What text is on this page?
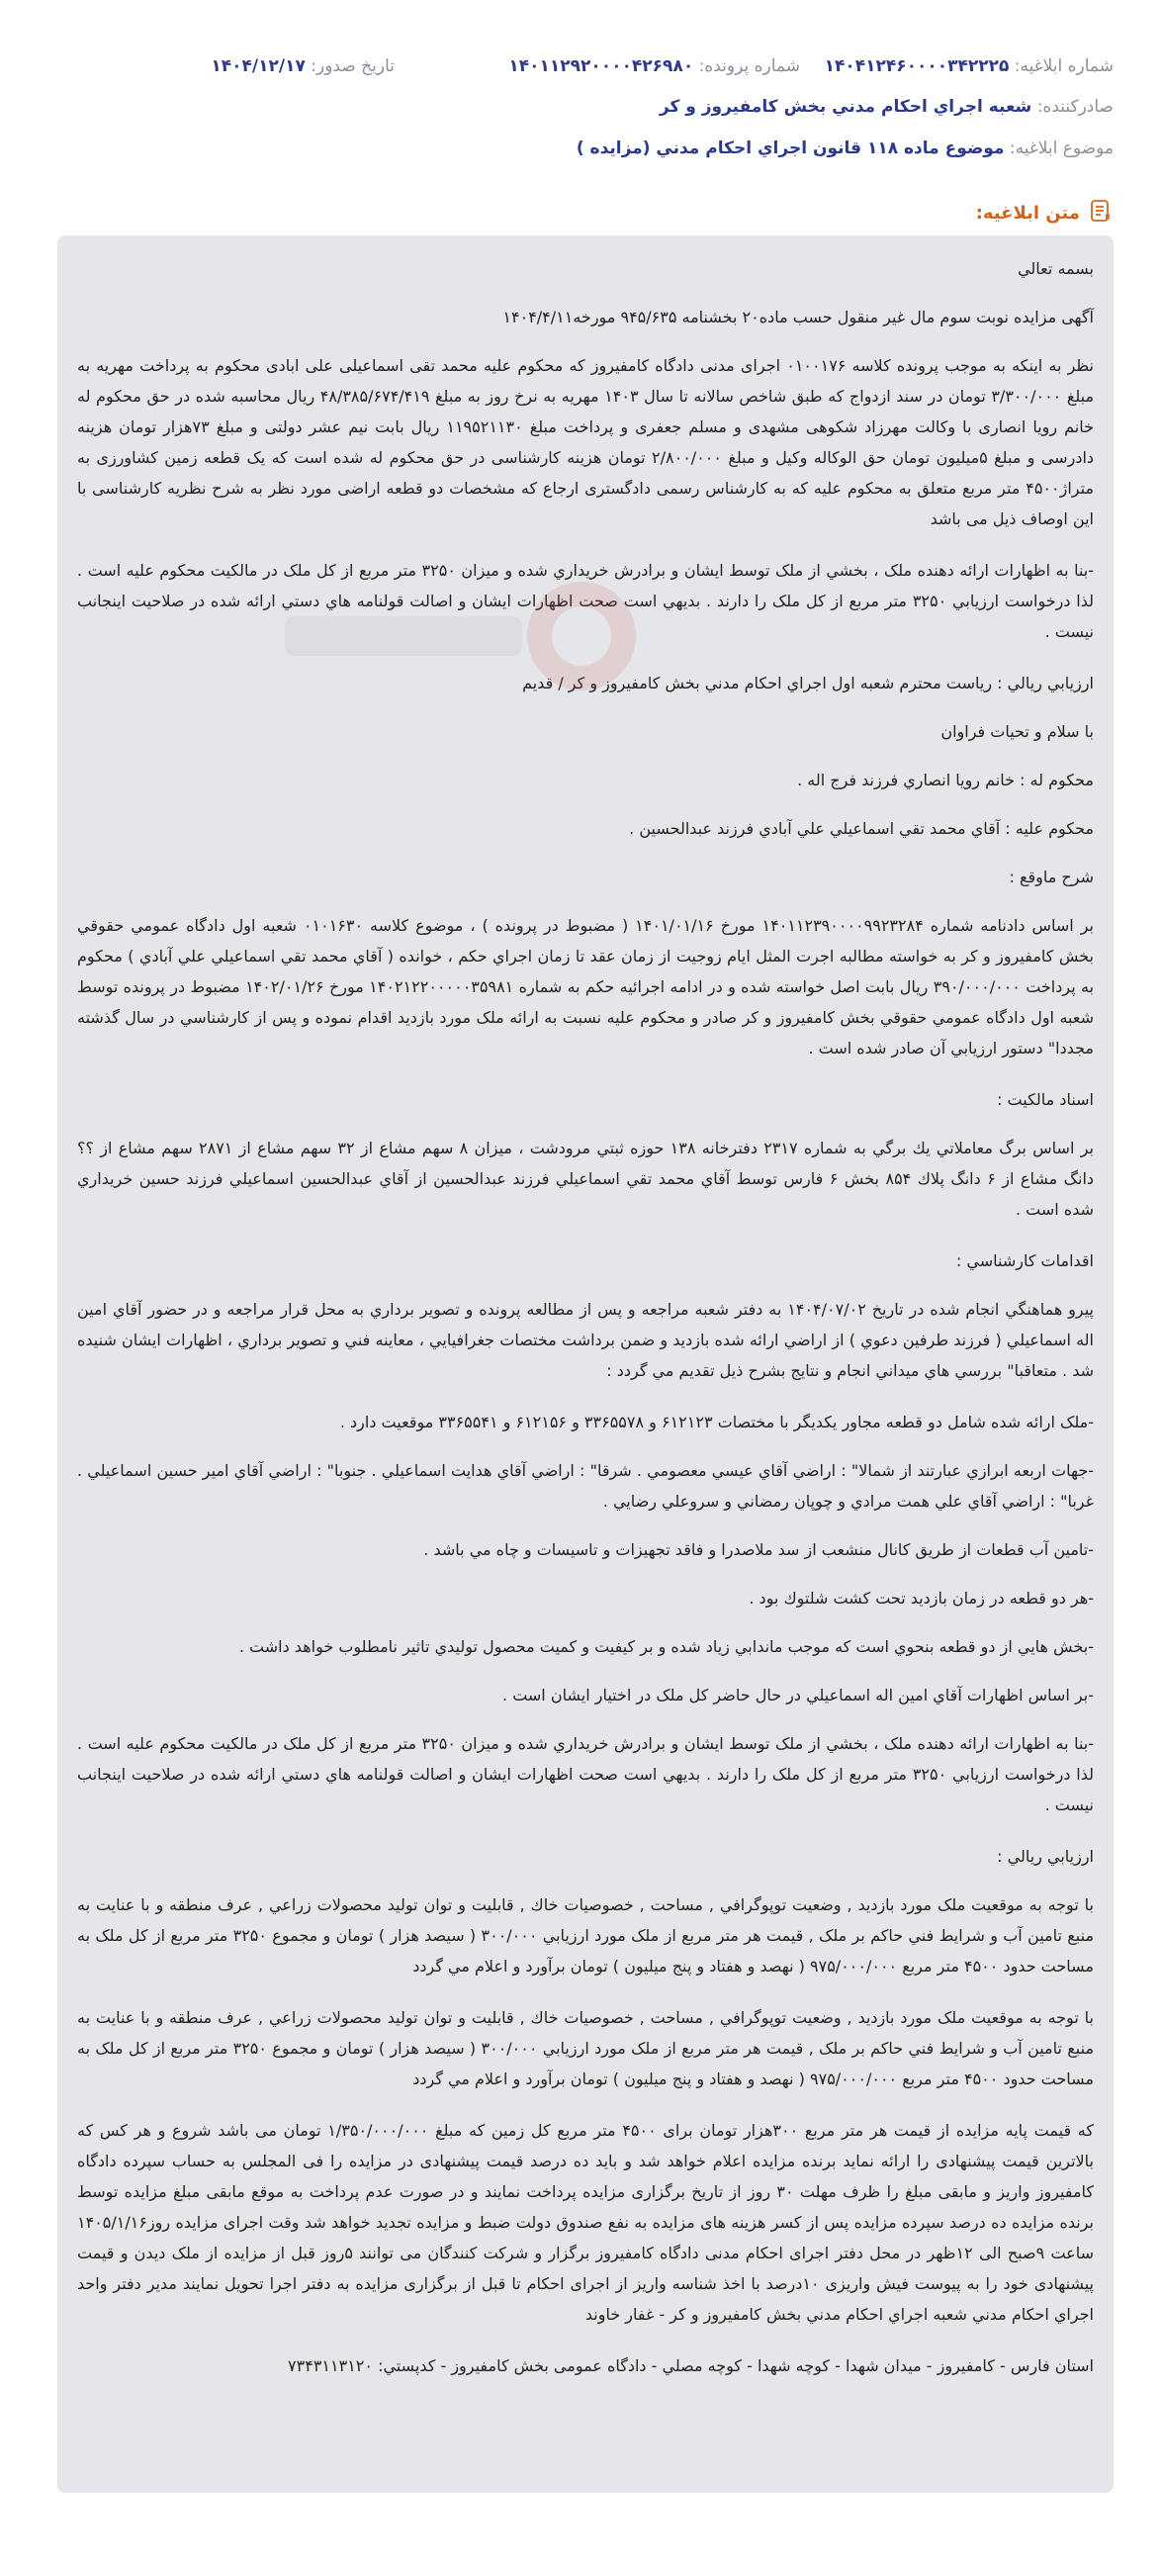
شماره ابلاغیه: ۱۴۰۴۱۲۴۶۰۰۰۰۳۴۲۲۲۵
شماره پرونده: ۱۴۰۱۱۲۹۲۰۰۰۰۴۲۶۹۸۰
تاریخ صدور: ۱۴۰۴/۱۲/۱۷
صادرکننده: شعبه اجراي احکام مدني بخش کامفيروز و کر
موضوع ابلاغیه: موضوع ماده ۱۱۸ قانون اجراي احکام مدني (مزايده )
متن ابلاغیه:

بسمه تعالي

آگهی مزایده نوبت سوم مال غیر منقول حسب ماده۲۰ بخشنامه ۹۴۵/۶۳۵ مورخه۱۴۰۴/۴/۱۱

نظر به اینکه به موجب پرونده کلاسه ۰۱۰۰۱۷۶ اجرای مدنی دادگاه کامفیروز که محکوم علیه محمد تقی اسماعیلی علی ابادی محکوم به پرداخت مهریه به مبلغ ۳/۳۰۰/۰۰۰ تومان در سند ازدواج که طبق شاخص سالانه تا سال ۱۴۰۳ مهریه به نرخ روز به مبلغ ۴۸/۳۸۵/۶۷۴/۴۱۹ ریال محاسبه شده در حق محکوم له خانم رویا انصاری با وکالت مهرزاد شکوهی مشهدی و مسلم جعفری و پرداخت مبلغ ۱۱۹۵۲۱۱۳۰ ریال بابت نیم عشر دولتی و مبلغ ۷۳هزار تومان هزینه دادرسی و مبلغ ۵میلیون تومان حق الوکاله وکیل و مبلغ ۲/۸۰۰/۰۰۰ تومان هزینه کارشناسی در حق محکوم له شده است که یک قطعه زمین کشاورزی به متراژ۴۵۰۰ متر مربع متعلق به محکوم علیه که به کارشناس رسمی دادگستری ارجاع که مشخصات دو قطعه اراضی مورد نظر به شرح نظریه کارشناسی با این اوصاف ذیل می باشد

-بنا به اظهارات ارائه دهنده ملک ، بخشي از ملک توسط ايشان و برادرش خريداري شده و ميزان ۳۲۵۰ متر مربع از کل ملک در مالکيت محکوم عليه است . لذا درخواست ارزيابي ۳۲۵۰ متر مربع از کل ملک را دارند . بديهي است صحت اظهارات ايشان و اصالت قولنامه هاي دستي ارائه شده در صلاحيت اينجانب نيست .

ارزيابي ريالي : رياست محترم شعبه اول اجراي احکام مدني بخش کامفيروز و کر / قديم

با سلام و تحيات فراوان

محکوم له : خانم رويا انصاري فرزند فرج اله .

محکوم عليه : آقاي محمد تقي اسماعيلي علي آبادي فرزند عبدالحسين .

شرح ماوقع :

بر اساس دادنامه شماره ۱۴۰۱۱۲۳۹۰۰۰۰۹۹۲۳۲۸۴ مورخ ۱۴۰۱/۰۱/۱۶ ( مضبوط در پرونده ) ، موضوع کلاسه ۰۱۰۱۶۳۰ شعبه اول دادگاه عمومي حقوقي بخش کامفيروز و کر به خواسته مطالبه اجرت المثل ايام زوجيت از زمان عقد تا زمان اجراي حکم ، خوانده ( آقاي محمد تقي اسماعيلي علي آبادي ) محکوم به پرداخت ۳۹۰/۰۰۰/۰۰۰ ريال بابت اصل خواسته شده و در ادامه اجرائيه حکم به شماره ۱۴۰۲۱۲۲۰۰۰۰۰۳۵۹۸۱ مورخ ۱۴۰۲/۰۱/۲۶ مضبوط در پرونده توسط شعبه اول دادگاه عمومي حقوقي بخش کامفيروز و کر صادر و محکوم عليه نسبت به ارائه ملک مورد بازديد اقدام نموده و پس از کارشناسي در سال گذشته مجددا" دستور ارزيابي آن صادر شده است .

اسناد مالکيت :

بر اساس برگ معاملاتي يك برگي به شماره ۲۳۱۷ دفترخانه ۱۳۸ حوزه ثبتي مرودشت ، ميزان ۸ سهم مشاع از ۳۲ سهم مشاع از ۲۸۷۱ سهم مشاع از ؟؟ دانگ مشاع از ۶ دانگ پلاك ۸۵۴ بخش ۶ فارس توسط آقاي محمد تقي اسماعيلي فرزند عبدالحسين از آقاي عبدالحسين اسماعيلي فرزند حسين خريداري شده است .

اقدامات کارشناسي :

پيرو هماهنگي انجام شده در تاريخ ۱۴۰۴/۰۷/۰۲ به دفتر شعبه مراجعه و پس از مطالعه پرونده و تصوير برداري به محل قرار مراجعه و در حضور آقاي امين اله اسماعيلي ( فرزند طرفين دعوي ) از اراضي ارائه شده بازديد و ضمن برداشت مختصات جغرافيايي ، معاينه فني و تصوير برداري ، اظهارات ايشان شنيده شد . متعاقبا" بررسي هاي ميداني انجام و نتايج بشرح ذيل تقديم مي گردد :

-ملک ارائه شده شامل دو قطعه مجاور يکديگر با مختصات ۶۱۲۱۲۳ و ۳۳۶۵۵۷۸ و ۶۱۲۱۵۶ و ۳۳۶۵۵۴۱ موقعيت دارد .

-جهات اربعه ابرازي عبارتند از شمالا" : اراضي آقاي عيسي معصومي . شرقا" : اراضي آقاي هدايت اسماعيلي . جنوبا" : اراضي آقاي امير حسين اسماعيلي . غربا" : اراضي آقاي علي همت مرادي و چوپان رمضاني و سروعلي رضايي .

-تامين آب قطعات از طريق کانال منشعب از سد ملاصدرا و فاقد تجهيزات و تاسيسات و چاه مي باشد .

-هر دو قطعه در زمان بازديد تحت کشت شلتوك بود .

-بخش هايي از دو قطعه بنحوي است که موجب ماندابي زياد شده و بر کيفيت و کميت محصول توليدي تاثير نامطلوب خواهد داشت .

-بر اساس اظهارات آقاي امين اله اسماعيلي در حال حاضر کل ملک در اختيار ايشان است .

-بنا به اظهارات ارائه دهنده ملک ، بخشي از ملک توسط ايشان و برادرش خريداري شده و ميزان ۳۲۵۰ متر مربع از کل ملک در مالکيت محکوم عليه است . لذا درخواست ارزيابي ۳۲۵۰ متر مربع از کل ملک را دارند . بديهي است صحت اظهارات ايشان و اصالت قولنامه هاي دستي ارائه شده در صلاحيت اينجانب نيست .

ارزيابي ريالي :

با توجه به موقعيت ملک مورد بازديد , وضعيت توپوگرافي , مساحت , خصوصيات خاك , قابليت و توان توليد محصولات زراعي , عرف منطقه و با عنايت به منبع تامين آب و شرايط فني حاکم بر ملک , قيمت هر متر مربع از ملک مورد ارزيابي ۳۰۰/۰۰۰ ( سيصد هزار ) تومان و مجموع ۳۲۵۰ متر مربع از کل ملک به مساحت حدود ۴۵۰۰ متر مربع ۹۷۵/۰۰۰/۰۰۰ ( نهصد و هفتاد و پنج ميليون ) تومان برآورد و اعلام مي گردد

با توجه به موقعيت ملک مورد بازديد , وضعيت توپوگرافي , مساحت , خصوصيات خاك , قابليت و توان توليد محصولات زراعي , عرف منطقه و با عنايت به منبع تامين آب و شرايط فني حاکم بر ملک , قيمت هر متر مربع از ملک مورد ارزيابي ۳۰۰/۰۰۰ ( سيصد هزار ) تومان و مجموع ۳۲۵۰ متر مربع از کل ملک به مساحت حدود ۴۵۰۰ متر مربع ۹۷۵/۰۰۰/۰۰۰ ( نهصد و هفتاد و پنج ميليون ) تومان برآورد و اعلام مي گردد

که قیمت پایه مزایده از قیمت هر متر مربع ۳۰۰هزار تومان برای ۴۵۰۰ متر مربع کل زمین که مبلغ ۱/۳۵۰/۰۰۰/۰۰۰ تومان می باشد شروع و هر کس که بالاترین قیمت پیشنهادی را ارائه نماید برنده مزایده اعلام خواهد شد و باید ده درصد قیمت پیشنهادی در مزایده را فی المجلس به حساب سپرده دادگاه کامفیروز واریز و مابقی مبلغ را ظرف مهلت ۳۰ روز از تاریخ برگزاری مزایده پرداخت نمایند و در صورت عدم پرداخت به موقع مابقی مبلغ مزایده توسط برنده مزایده ده درصد سپرده مزایده پس از کسر هزینه های مزایده به نفع صندوق دولت ضبط و مزایده تجدید خواهد شد وقت اجرای مزایده روز۱۴۰۵/۱/۱۶ ساعت ۹صبح الی ۱۲ظهر در محل دفتر اجرای احکام مدنی دادگاه کامفیروز برگزار و شرکت کنندگان می توانند ۵روز قبل از مزایده از ملک دیدن و قیمت پیشنهادی خود را به پیوست فیش واریزی ۱۰درصد با اخذ شناسه واریز از اجرای احکام تا قبل از برگزاری مزایده به دفتر اجرا تحویل نمایند مدیر دفتر واحد اجراي احکام مدني شعبه اجراي احکام مدني بخش کامفيروز و کر - غفار خاوند

استان فارس - کامفیروز - میدان شهدا - کوچه شهدا - کوچه مصلي - دادگاه عمومی بخش کامفیروز - کدپستي: ۷۳۴۳۱۱۳۱۲۰
